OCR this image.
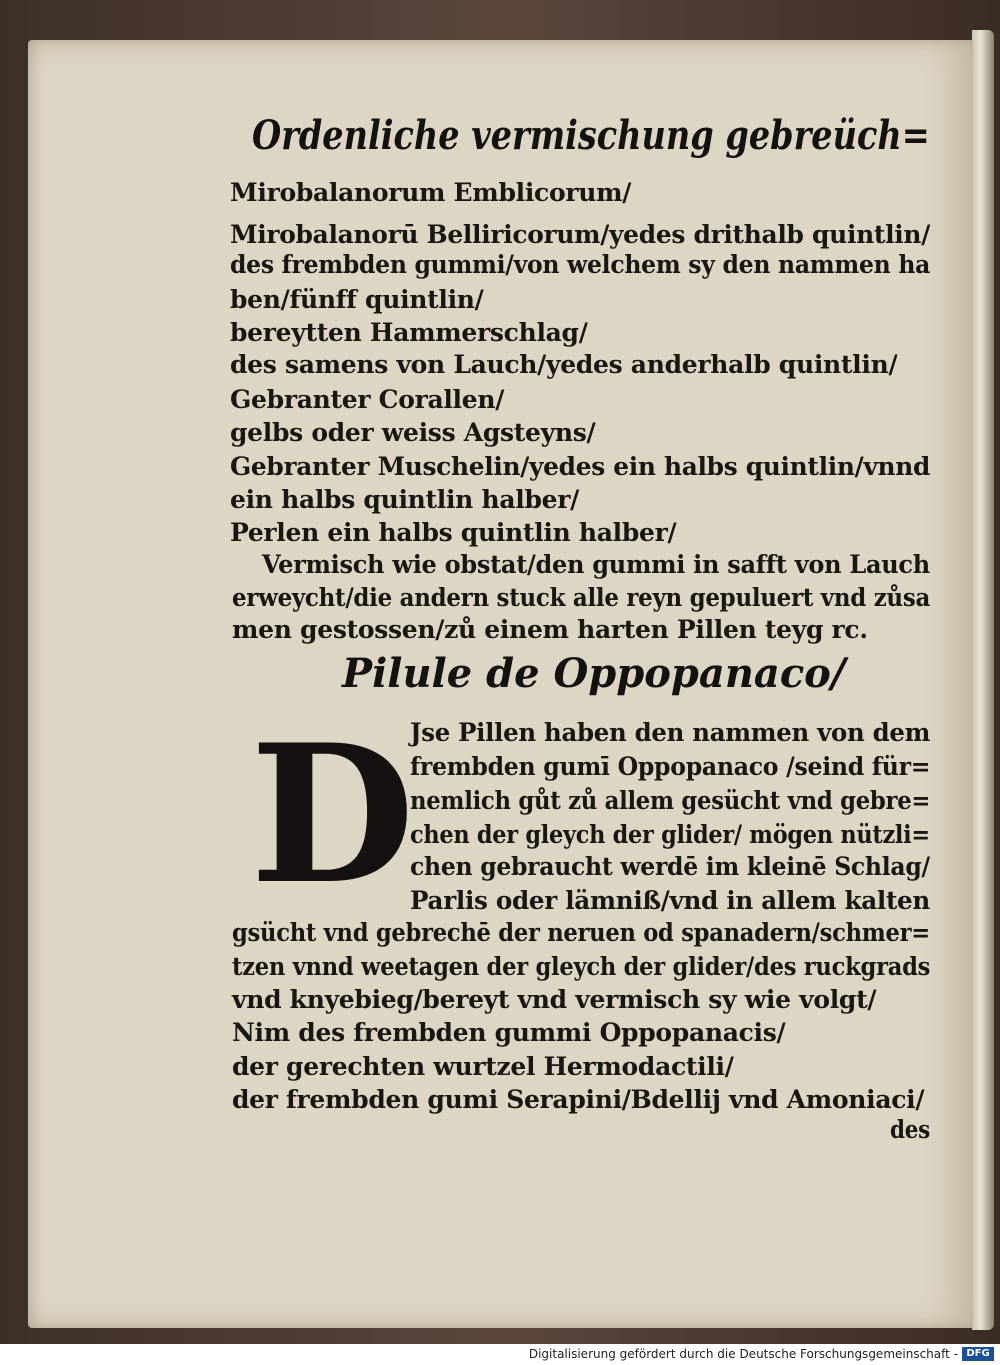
Ordenliche vermischung gebreüch=
Pilule de Oppopanaco/
D
Digitalisierung gefördert durch die Deutsche Forschungsgemeinschaft - DFG
Mirobalanorum Emblicorum/
Mirobalanorū Belliricorum/yedes drithalb quintlin/
des frembden gummi/von welchem sy den nammen ha
ben/fünff quintlin/
bereytten Hammerschlag/
des samens von Lauch/yedes anderhalb quintlin/
Gebranter Corallen/
gelbs oder weiss Agsteyns/
Gebranter Muschelin/yedes ein halbs quintlin/vnnd
ein halbs quintlin halber/
Perlen ein halbs quintlin halber/
Vermisch wie obstat/den gummi in safft von Lauch
erweycht/die andern stuck alle reyn gepuluert vnd zůsa
men gestossen/zů einem harten Pillen teyg rc.
Jse Pillen haben den nammen von dem
frembden gumī Oppopanaco /seind für=
nemlich gůt zů allem gesücht vnd gebre=
chen der gleych der glider/ mögen nützli=
chen gebraucht werdē im kleinē Schlag/
Parlis oder lämniß/vnd in allem kalten
gsücht vnd gebrechē der neruen od spanadern/schmer=
tzen vnnd weetagen der gleych der glider/des ruckgrads
vnd knyebieg/bereyt vnd vermisch sy wie volgt/
Nim des frembden gummi Oppopanacis/
der gerechten wurtzel Hermodactili/
der frembden gumi Serapini/Bdellij vnd Amoniaci/
des
